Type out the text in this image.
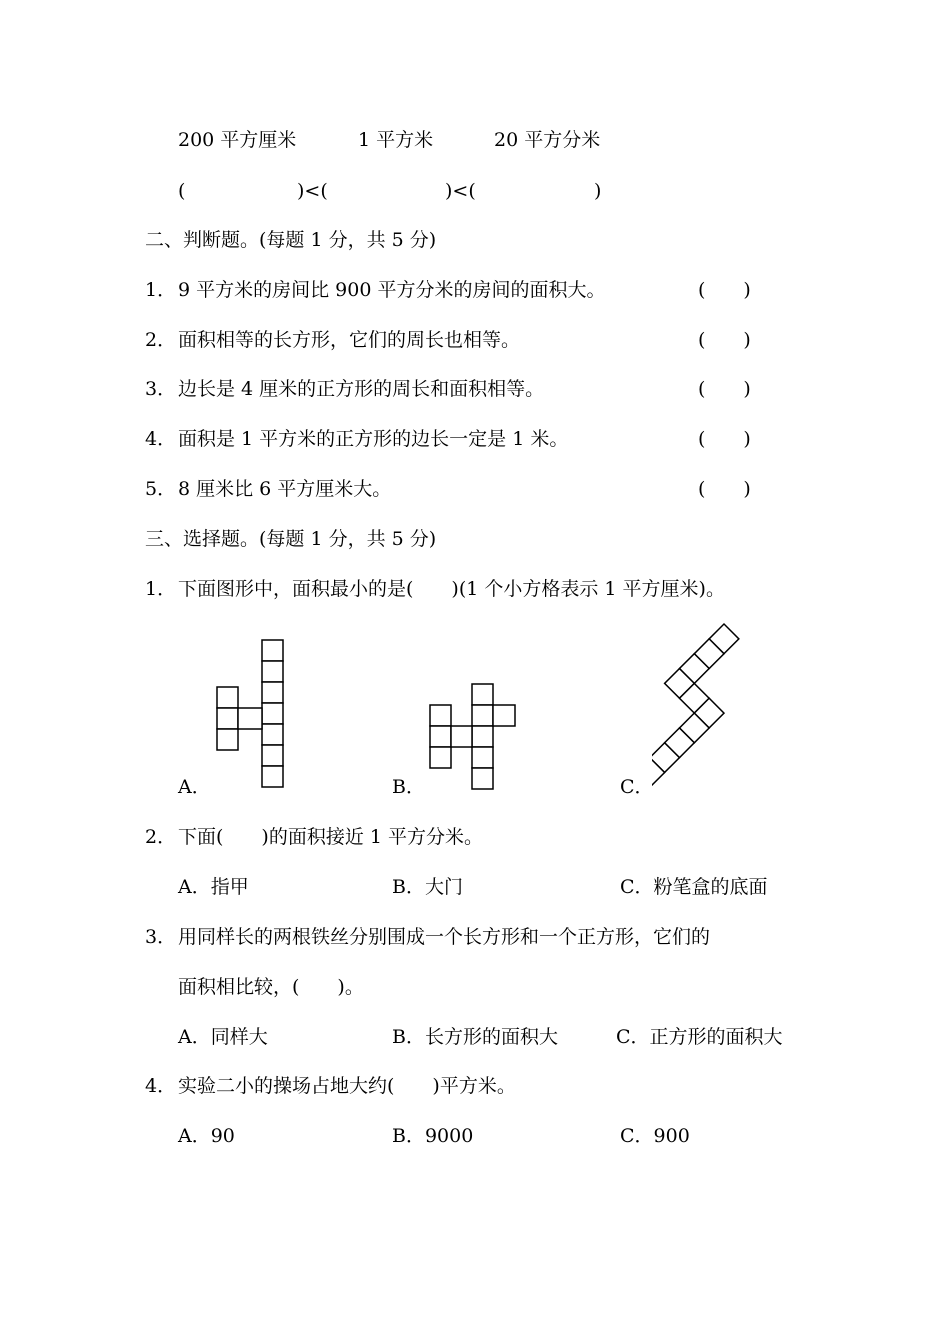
200 平方厘米	1 平方米	20 平方分米
(	)<(	)<(	)
二、判断题。(每题 1 分，共 5 分)
1． 9 平方米的房间比 900 平方分米的房间的面积大。	(　　)
2． 面积相等的长方形，它们的周长也相等。	(　　)
3． 边长是 4 厘米的正方形的周长和面积相等。	(　　)
4． 面积是 1 平方米的正方形的边长一定是 1 米。	(　　)
5． 8 厘米比 6 平方厘米大。	(　　)
三、选择题。(每题 1 分，共 5 分)
1． 下面图形中，面积最小的是(　　)(1 个小方格表示 1 平方厘米)。
A．	B．	C．
2． 下面(　　)的面积接近 1 平方分米。
A．指甲	B．大门	C．粉笔盒的底面
3． 用同样长的两根铁丝分别围成一个长方形和一个正方形，它们的
面积相比较，(　　)。
A．同样大	B．长方形的面积大	C．正方形的面积大
4． 实验二小的操场占地大约(　　)平方米。
A．90	B．9000	C．900
